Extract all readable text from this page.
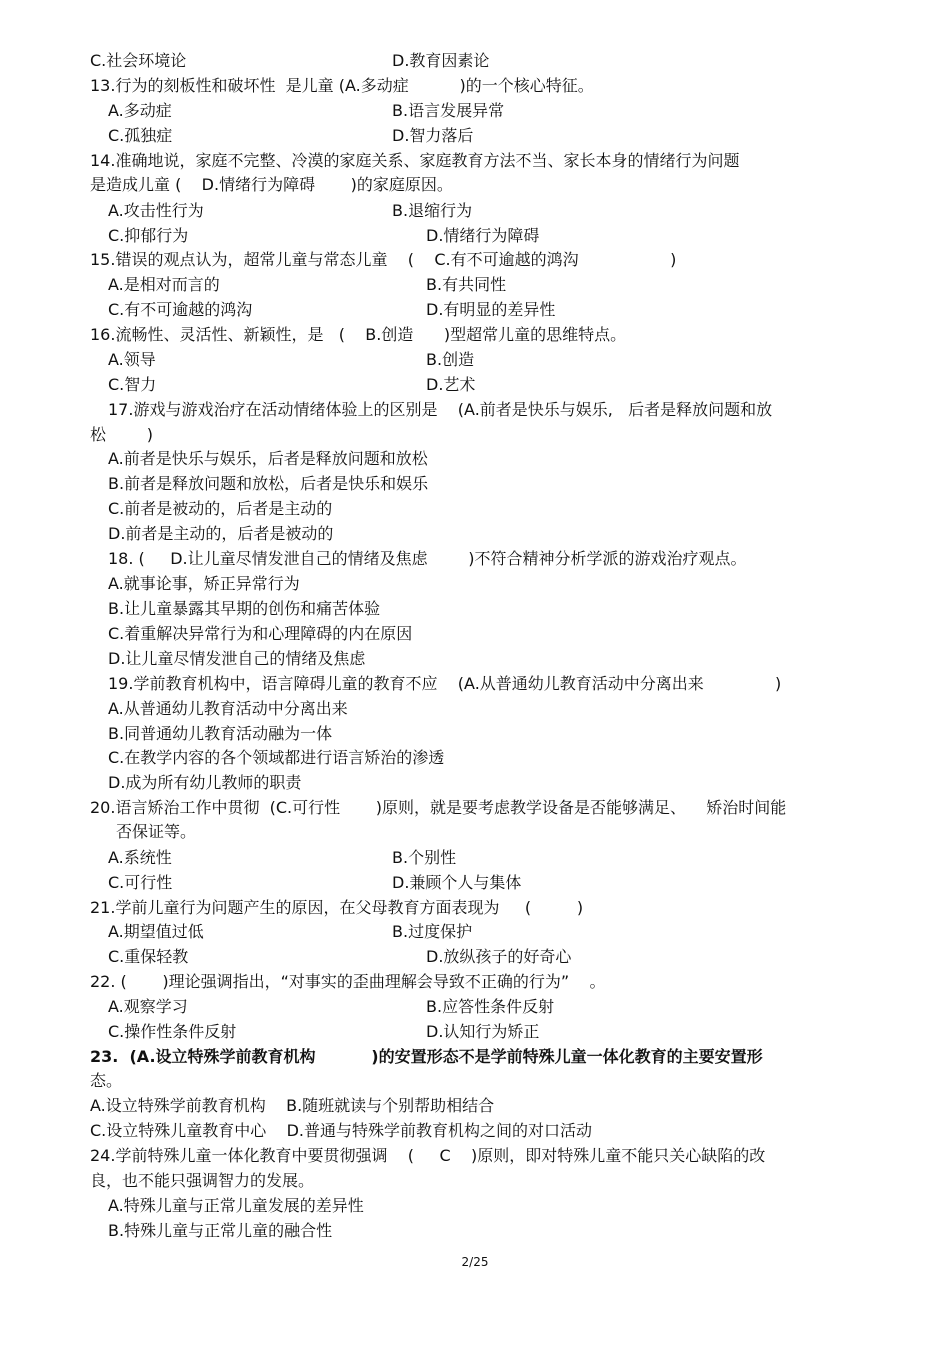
C.社会环境论	D.教育因素论
13.行为的刻板性和破坏性  是儿童 (A.多动症          )的一个核心特征。
A.多动症	B.语言发展异常
C.孤独症	D.智力落后
14.准确地说，家庭不完整、冷漠的家庭关系、家庭教育方法不当、家长本身的情绪行为问题
是造成儿童 (    D.情绪行为障碍       )的家庭原因。
A.攻击性行为	B.退缩行为
C.抑郁行为	D.情绪行为障碍
15.错误的观点认为，超常儿童与常态儿童    (    C.有不可逾越的鸿沟                  )
A.是相对而言的	B.有共同性
C.有不可逾越的鸿沟	D.有明显的差异性
16.流畅性、灵活性、新颖性，是   (    B.创造      )型超常儿童的思维特点。
A.领导	B.创造
C.智力	D.艺术
17.游戏与游戏治疗在活动情绪体验上的区别是    (A.前者是快乐与娱乐,   后者是释放问题和放
松        )
A.前者是快乐与娱乐，后者是释放问题和放松
B.前者是释放问题和放松，后者是快乐和娱乐
C.前者是被动的，后者是主动的
D.前者是主动的，后者是被动的
18. (     D.让儿童尽情发泄自己的情绪及焦虑        )不符合精神分析学派的游戏治疗观点。
A.就事论事，矫正异常行为
B.让儿童暴露其早期的创伤和痛苦体验
C.着重解决异常行为和心理障碍的内在原因
D.让儿童尽情发泄自己的情绪及焦虑
19.学前教育机构中，语言障碍儿童的教育不应    (A.从普通幼儿教育活动中分离出来              )
A.从普通幼儿教育活动中分离出来
B.同普通幼儿教育活动融为一体
C.在教学内容的各个领域都进行语言矫治的渗透
D.成为所有幼儿教师的职责
20.语言矫治工作中贯彻  (C.可行性       )原则，就是要考虑教学设备是否能够满足、    矫治时间能
否保证等。
A.系统性	B.个别性
C.可行性	D.兼顾个人与集体
21.学前儿童行为问题产生的原因，在父母教育方面表现为     (         )
A.期望值过低	B.过度保护
C.重保轻教	D.放纵孩子的好奇心
22. (       )理论强调指出，“对事实的歪曲理解会导致不正确的行为”    。
A.观察学习	B.应答性条件反射
C.操作性条件反射	D.认知行为矫正
23.  (A.设立特殊学前教育机构          )的安置形态不是学前特殊儿童一体化教育的主要安置形
态。
A.设立特殊学前教育机构    B.随班就读与个别帮助相结合
C.设立特殊儿童教育中心    D.普通与特殊学前教育机构之间的对口活动
24.学前特殊儿童一体化教育中要贯彻强调    (     C    )原则，即对特殊儿童不能只关心缺陷的改
良，也不能只强调智力的发展。
A.特殊儿童与正常儿童发展的差异性
B.特殊儿童与正常儿童的融合性
2/25
